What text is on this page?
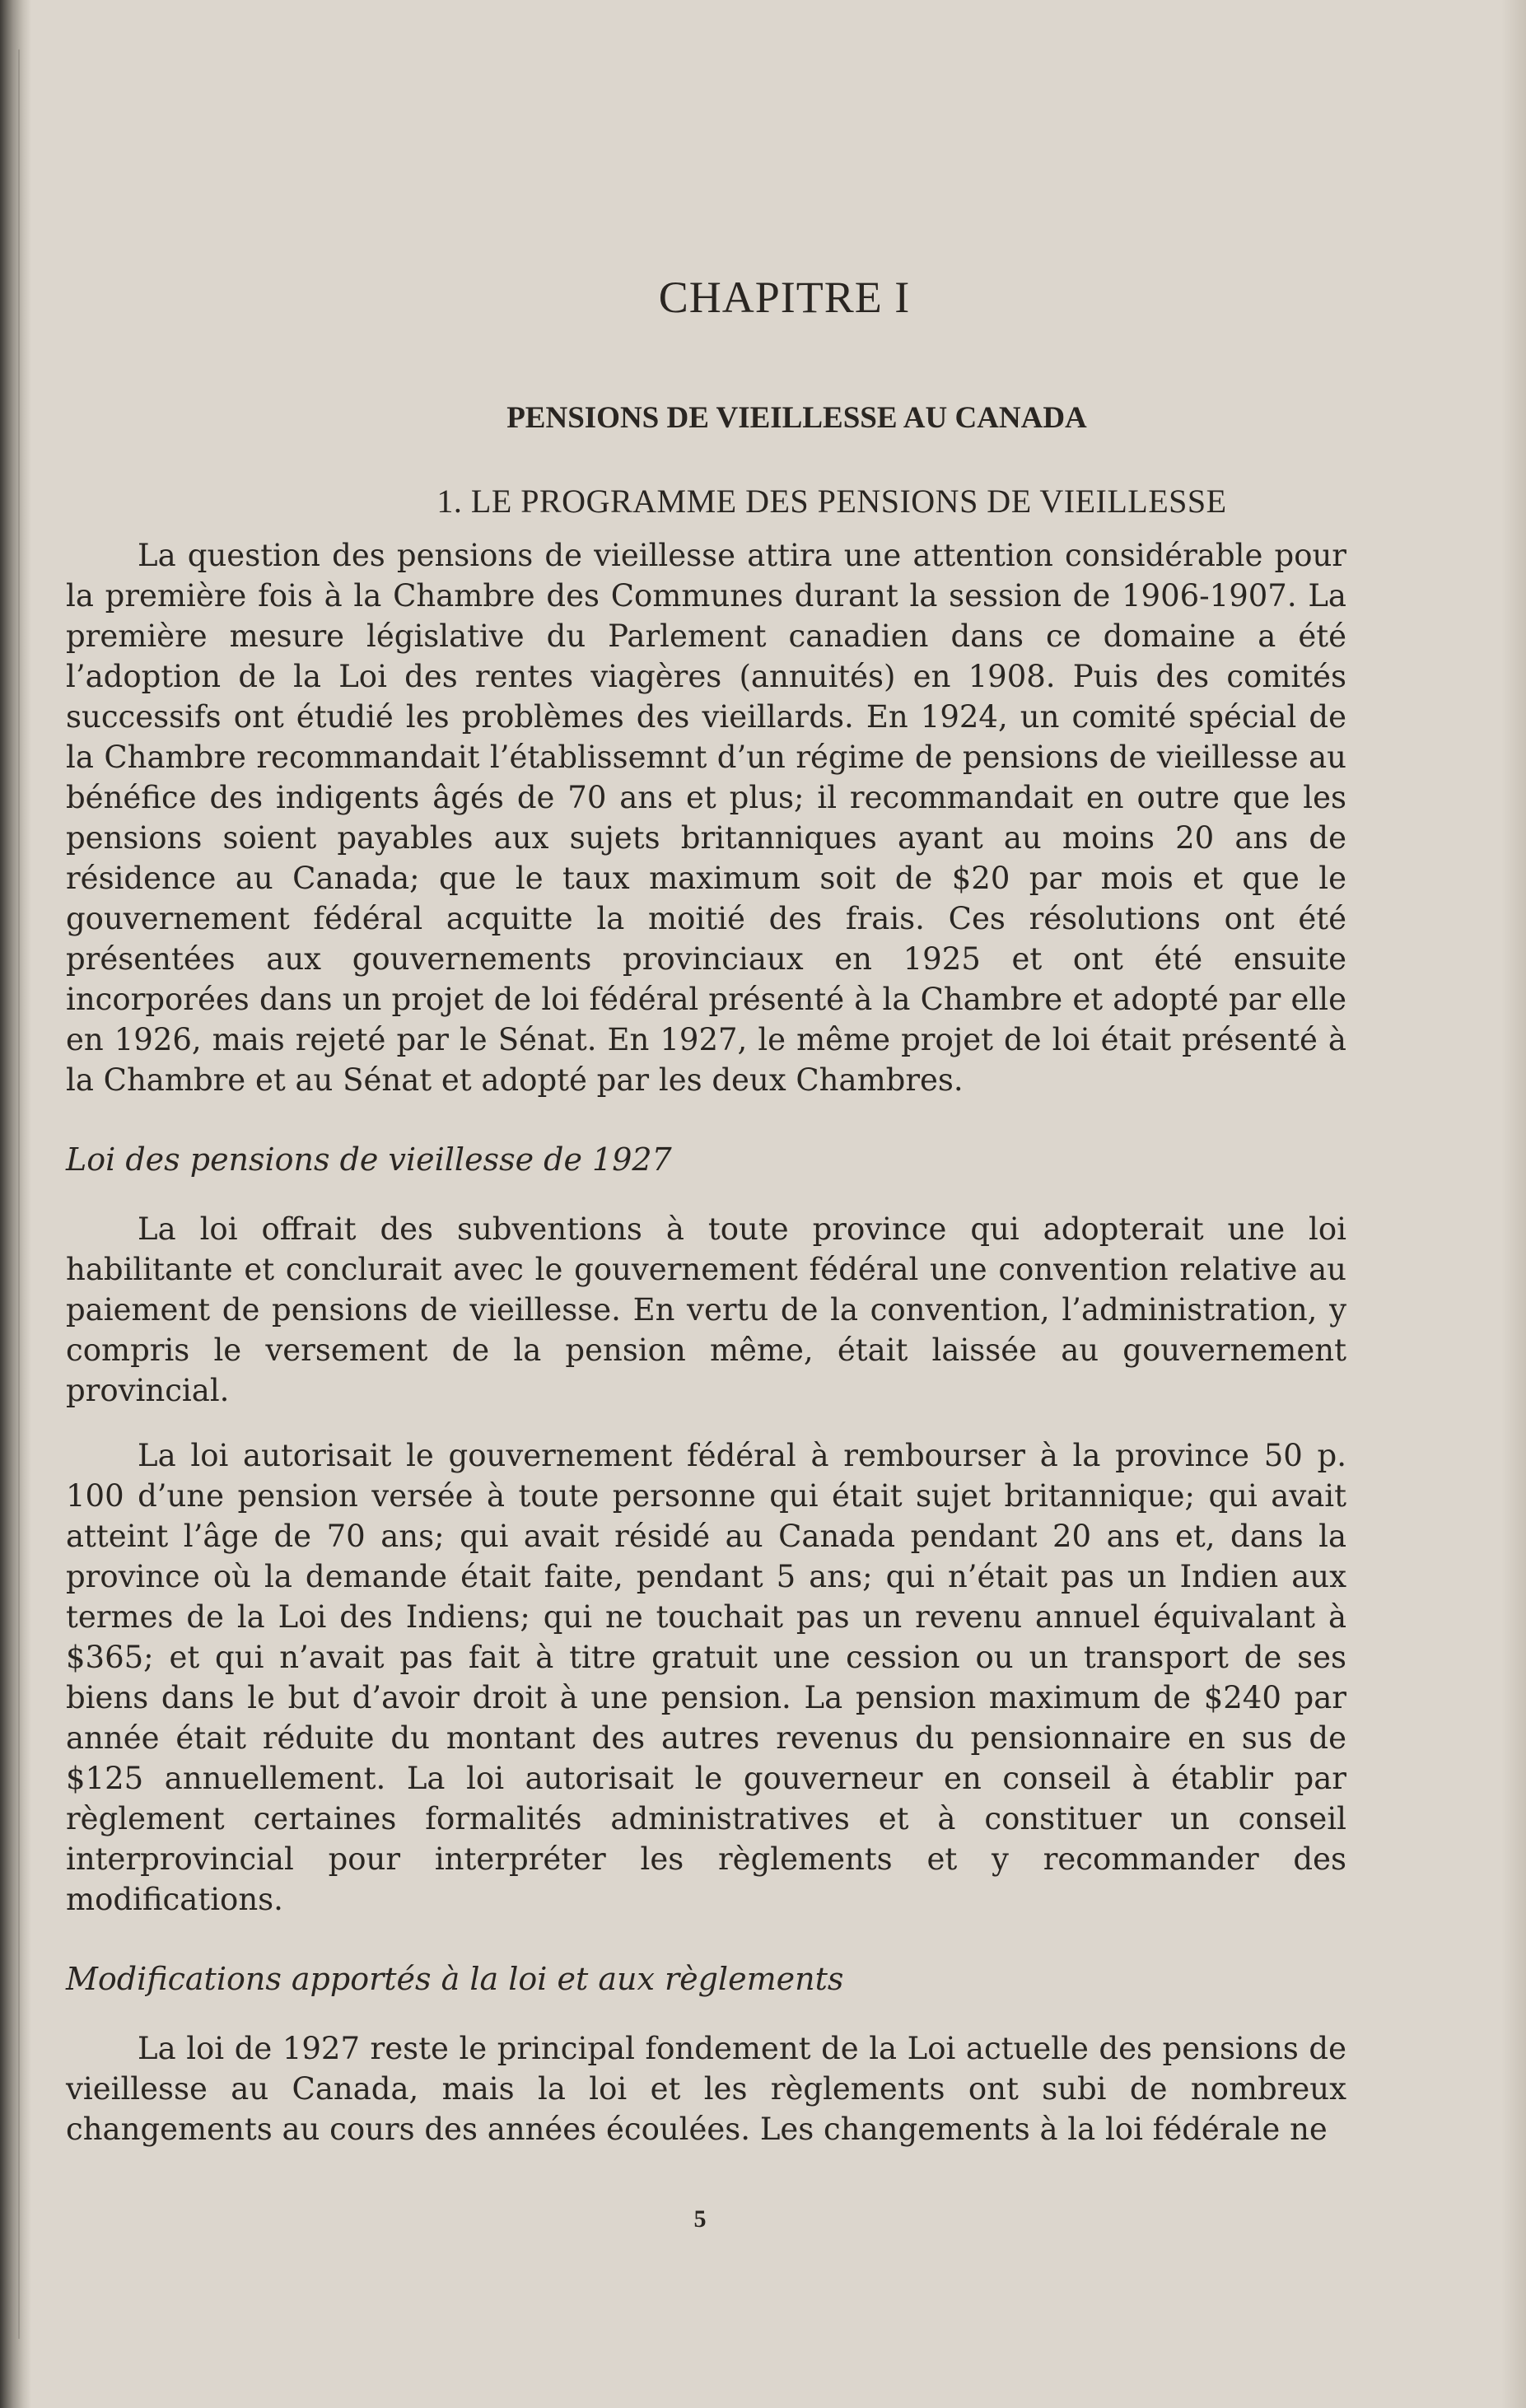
CHAPITRE I
PENSIONS DE VIEILLESSE AU CANADA
1. LE PROGRAMME DES PENSIONS DE VIEILLESSE

La question des pensions de vieillesse attira une attention considérable pour la première fois à la Chambre des Communes durant la session de 1906-1907. La première mesure législative du Parlement canadien dans ce domaine a été l’adoption de la Loi des rentes viagères (annuités) en 1908. Puis des comités successifs ont étudié les problèmes des vieillards. En 1924, un comité spécial de la Chambre recommandait l’établissemnt d’un régime de pensions de vieillesse au bénéfice des indigents âgés de 70 ans et plus; il recommandait en outre que les pensions soient payables aux sujets britanniques ayant au moins 20 ans de résidence au Canada; que le taux maximum soit de $20 par mois et que le gouvernement fédéral acquitte la moitié des frais. Ces résolutions ont été présentées aux gouvernements provinciaux en 1925 et ont été ensuite incorporées dans un projet de loi fédéral présenté à la Chambre et adopté par elle en 1926, mais rejeté par le Sénat. En 1927, le même projet de loi était présenté à la Chambre et au Sénat et adopté par les deux Chambres.

Loi des pensions de vieillesse de 1927

La loi offrait des subventions à toute province qui adopterait une loi habilitante et conclurait avec le gouvernement fédéral une convention relative au paiement de pensions de vieillesse. En vertu de la convention, l’administration, y compris le versement de la pension même, était laissée au gouvernement provincial.

La loi autorisait le gouvernement fédéral à rembourser à la province 50 p. 100 d’une pension versée à toute personne qui était sujet britannique; qui avait atteint l’âge de 70 ans; qui avait résidé au Canada pendant 20 ans et, dans la province où la demande était faite, pendant 5 ans; qui n’était pas un Indien aux termes de la Loi des Indiens; qui ne touchait pas un revenu annuel équivalant à $365; et qui n’avait pas fait à titre gratuit une cession ou un transport de ses biens dans le but d’avoir droit à une pension. La pension maximum de $240 par année était réduite du montant des autres revenus du pensionnaire en sus de $125 annuellement. La loi autorisait le gouverneur en conseil à établir par règlement certaines formalités administratives et à constituer un conseil interprovincial pour interpréter les règlements et y recommander des modifications.

Modifications apportés à la loi et aux règlements

La loi de 1927 reste le principal fondement de la Loi actuelle des pensions de vieillesse au Canada, mais la loi et les règlements ont subi de nombreux changements au cours des années écoulées. Les changements à la loi fédérale ne

5
